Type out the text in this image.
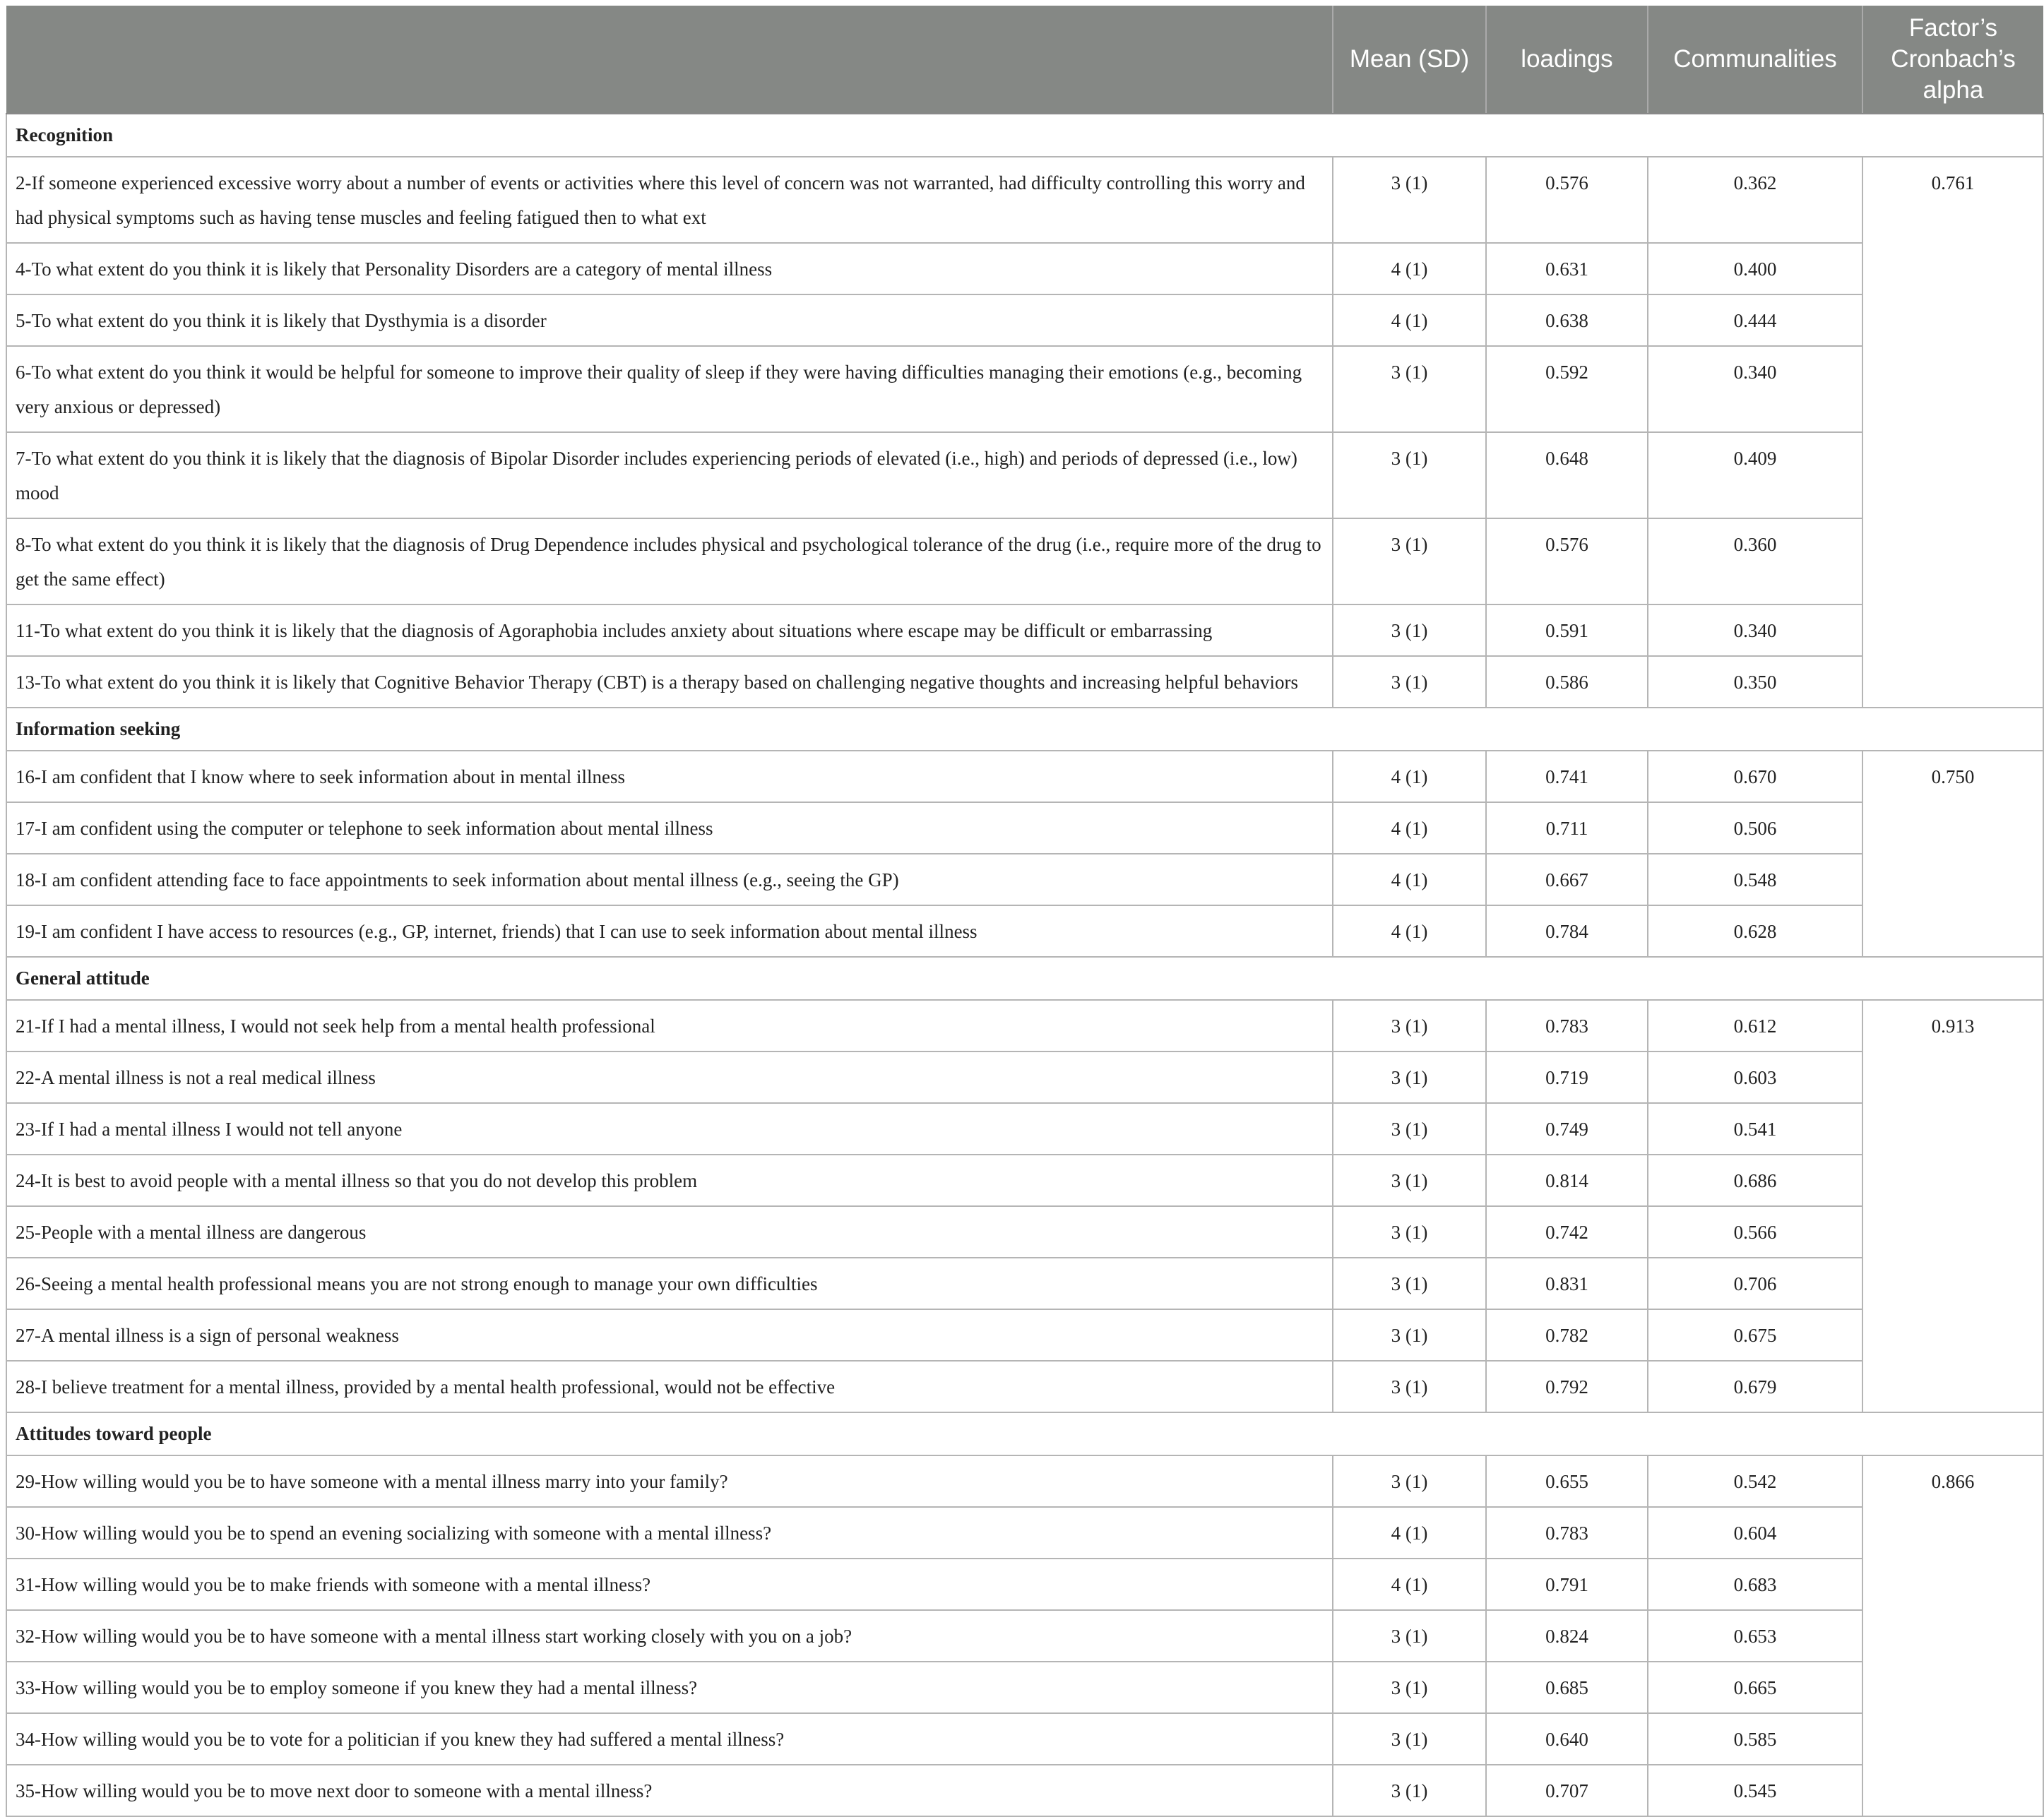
	Mean (SD)	loadings	Communalities	Factor’s Cronbach’s alpha
Recognition				
2-If someone experienced excessive worry about a number of events or activities where this level of concern was not warranted, had difficulty controlling this worry and had physical symptoms such as having tense muscles and feeling fatigued then to what ext	3 (1)	0.576	0.362	0.761
4-To what extent do you think it is likely that Personality Disorders are a category of mental illness	4 (1)	0.631	0.400	
5-To what extent do you think it is likely that Dysthymia is a disorder	4 (1)	0.638	0.444	
6-To what extent do you think it would be helpful for someone to improve their quality of sleep if they were having difficulties managing their emotions (e.g., becoming very anxious or depressed)	3 (1)	0.592	0.340	
7-To what extent do you think it is likely that the diagnosis of Bipolar Disorder includes experiencing periods of elevated (i.e., high) and periods of depressed (i.e., low) mood	3 (1)	0.648	0.409	
8-To what extent do you think it is likely that the diagnosis of Drug Dependence includes physical and psychological tolerance of the drug (i.e., require more of the drug to get the same effect)	3 (1)	0.576	0.360	
11-To what extent do you think it is likely that the diagnosis of Agoraphobia includes anxiety about situations where escape may be difficult or embarrassing	3 (1)	0.591	0.340	
13-To what extent do you think it is likely that Cognitive Behavior Therapy (CBT) is a therapy based on challenging negative thoughts and increasing helpful behaviors	3 (1)	0.586	0.350	
Information seeking				
16-I am confident that I know where to seek information about in mental illness	4 (1)	0.741	0.670	0.750
17-I am confident using the computer or telephone to seek information about mental illness	4 (1)	0.711	0.506	
18-I am confident attending face to face appointments to seek information about mental illness (e.g., seeing the GP)	4 (1)	0.667	0.548	
19-I am confident I have access to resources (e.g., GP, internet, friends) that I can use to seek information about mental illness	4 (1)	0.784	0.628	
General attitude				
21-If I had a mental illness, I would not seek help from a mental health professional	3 (1)	0.783	0.612	0.913
22-A mental illness is not a real medical illness	3 (1)	0.719	0.603	
23-If I had a mental illness I would not tell anyone	3 (1)	0.749	0.541	
24-It is best to avoid people with a mental illness so that you do not develop this problem	3 (1)	0.814	0.686	
25-People with a mental illness are dangerous	3 (1)	0.742	0.566	
26-Seeing a mental health professional means you are not strong enough to manage your own difficulties	3 (1)	0.831	0.706	
27-A mental illness is a sign of personal weakness	3 (1)	0.782	0.675	
28-I believe treatment for a mental illness, provided by a mental health professional, would not be effective	3 (1)	0.792	0.679	
Attitudes toward people				
29-How willing would you be to have someone with a mental illness marry into your family?	3 (1)	0.655	0.542	0.866
30-How willing would you be to spend an evening socializing with someone with a mental illness?	4 (1)	0.783	0.604	
31-How willing would you be to make friends with someone with a mental illness?	4 (1)	0.791	0.683	
32-How willing would you be to have someone with a mental illness start working closely with you on a job?	3 (1)	0.824	0.653	
33-How willing would you be to employ someone if you knew they had a mental illness?	3 (1)	0.685	0.665	
34-How willing would you be to vote for a politician if you knew they had suffered a mental illness?	3 (1)	0.640	0.585	
35-How willing would you be to move next door to someone with a mental illness?	3 (1)	0.707	0.545	
